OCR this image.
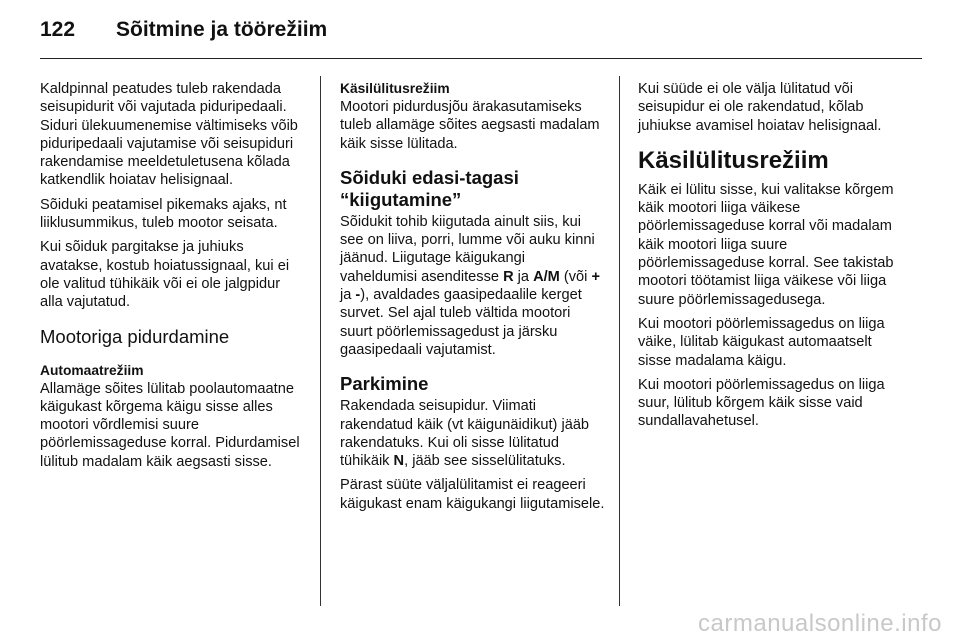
122 Sõitmine ja töörežiim

Kaldpinnal peatudes tuleb rakendada seisupidurit või vajutada piduripedaali. Siduri ülekuumenemise vältimiseks võib piduripedaali vajutamise või seisupiduri rakendamise meeldetuletusena kõlada katkendlik hoiatav helisignaal.

Sõiduki peatamisel pikemaks ajaks, nt liiklusummikus, tuleb mootor seisata.

Kui sõiduk pargitakse ja juhiuks avatakse, kostub hoiatussignaal, kui ei ole valitud tühikäik või ei ole jalgpidur alla vajutatud.

Mootoriga pidurdamine
Automaatrežiim

Allamäge sõites lülitab poolautomaatne käigukast kõrgema käigu sisse alles mootori võrdlemisi suure pöörlemissageduse korral. Pidurdamisel lülitub madalam käik aegsasti sisse.

Käsilülitusrežiim

Mootori pidurdusjõu ärakasutamiseks tuleb allamäge sõites aegsasti madalam käik sisse lülitada.

Sõiduki edasi-tagasi
“kiigutamine”

Sõidukit tohib kiigutada ainult siis, kui see on liiva, porri, lumme või auku kinni jäänud. Liigutage käigukangi vaheldumisi asenditesse R ja A/M (või + ja -), avaldades gaasipedaalile kerget survet. Sel ajal tuleb vältida mootori suurt pöörlemissagedust ja järsku gaasipedaali vajutamist.

Parkimine

Rakendada seisupidur. Viimati rakendatud käik (vt käigunäidikut) jääb rakendatuks. Kui oli sisse lülitatud tühikäik N, jääb see sisselülitatuks.

Pärast süüte väljalülitamist ei reageeri käigukast enam käigukangi liigutamisele.

Kui süüde ei ole välja lülitatud või seisupidur ei ole rakendatud, kõlab juhiukse avamisel hoiatav helisignaal.

Käsilülitusrežiim

Käik ei lülitu sisse, kui valitakse kõrgem käik mootori liiga väikese pöörlemissageduse korral või madalam käik mootori liiga suure pöörlemissageduse korral. See takistab mootori töötamist liiga väikese või liiga suure pöörlemissagedusega.

Kui mootori pöörlemissagedus on liiga väike, lülitab käigukast automaatselt sisse madalama käigu.

Kui mootori pöörlemissagedus on liiga suur, lülitub kõrgem käik sisse vaid sundallavahetusel.

carmanualsonline.info
